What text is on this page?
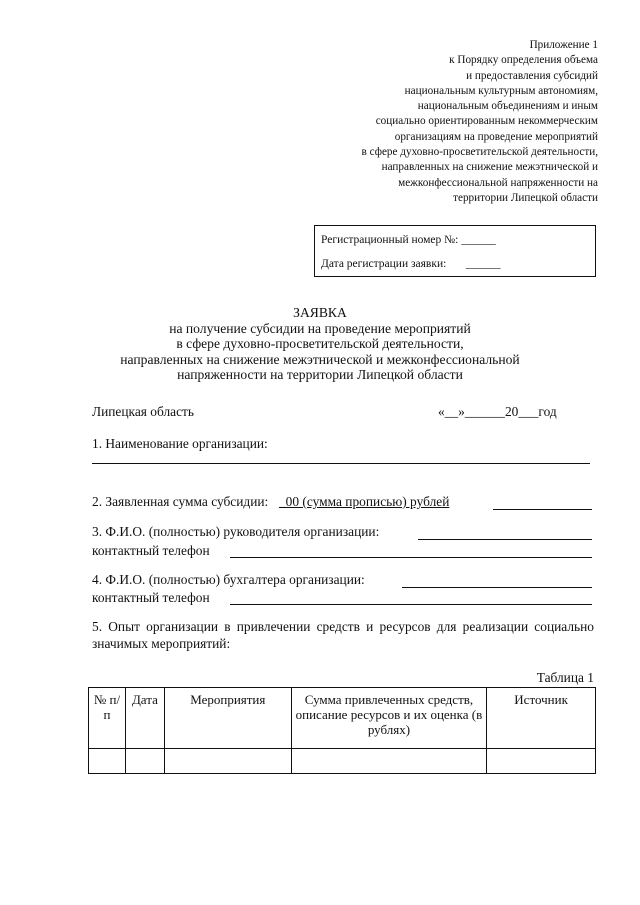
Приложение 1
к Порядку определения объема
и предоставления субсидий
национальным культурным автономиям,
национальным объединениям и иным
социально ориентированным некоммерческим
организациям на проведение мероприятий
в сфере духовно-просветительской деятельности,
направленных на снижение межэтнической и
межконфессиональной напряженности на
территории Липецкой области
Регистрационный номер №: ______
Дата регистрации заявки: ______
ЗАЯВКА
на получение субсидии на проведение мероприятий
в сфере духовно-просветительской деятельности,
направленных на снижение межэтнической и межконфессиональной
напряженности на территории Липецкой области
Липецкая область	«__»______20___год
1. Наименование организации:
2. Заявленная сумма субсидии: _00 (сумма прописью) рублей
3. Ф.И.О. (полностью) руководителя организации:
контактный телефон
4. Ф.И.О. (полностью) бухгалтера организации:
контактный телефон
5. Опыт организации в привлечении средств и ресурсов для реализации социально значимых мероприятий:
Таблица 1
№ п/п	Дата	Мероприятия	Сумма привлеченных средств, описание ресурсов и их оценка (в рублях)	Источник
